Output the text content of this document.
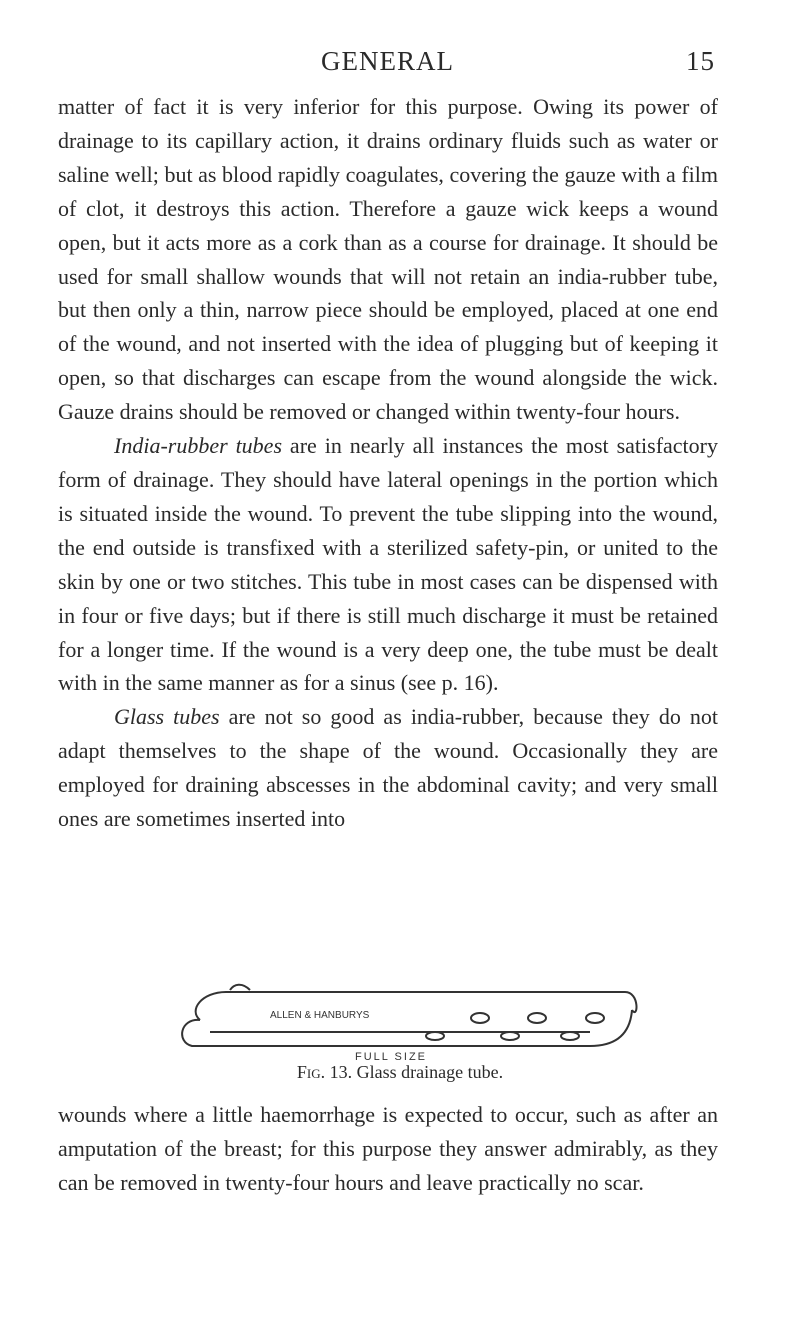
GENERAL	15

matter of fact it is very inferior for this purpose. Owing its power of drainage to its capillary action, it drains ordinary fluids such as water or saline well; but as blood rapidly coagulates, covering the gauze with a film of clot, it destroys this action. Therefore a gauze wick keeps a wound open, but it acts more as a cork than as a course for drainage. It should be used for small shallow wounds that will not retain an india-rubber tube, but then only a thin, narrow piece should be employed, placed at one end of the wound, and not inserted with the idea of plugging but of keeping it open, so that discharges can escape from the wound alongside the wick. Gauze drains should be removed or changed within twenty-four hours.

India-rubber tubes are in nearly all instances the most satisfactory form of drainage. They should have lateral openings in the portion which is situated inside the wound. To prevent the tube slipping into the wound, the end outside is transfixed with a sterilized safety-pin, or united to the skin by one or two stitches. This tube in most cases can be dispensed with in four or five days; but if there is still much discharge it must be retained for a longer time. If the wound is a very deep one, the tube must be dealt with in the same manner as for a sinus (see p. 16).

Glass tubes are not so good as india-rubber, because they do not adapt themselves to the shape of the wound. Occasionally they are employed for draining abscesses in the abdominal cavity; and very small ones are sometimes inserted into

ALLEN & HANBURYS
FULL SIZE
Fig. 13. Glass drainage tube.

wounds where a little haemorrhage is expected to occur, such as after an amputation of the breast; for this purpose they answer admirably, as they can be removed in twenty-four hours and leave practically no scar.
